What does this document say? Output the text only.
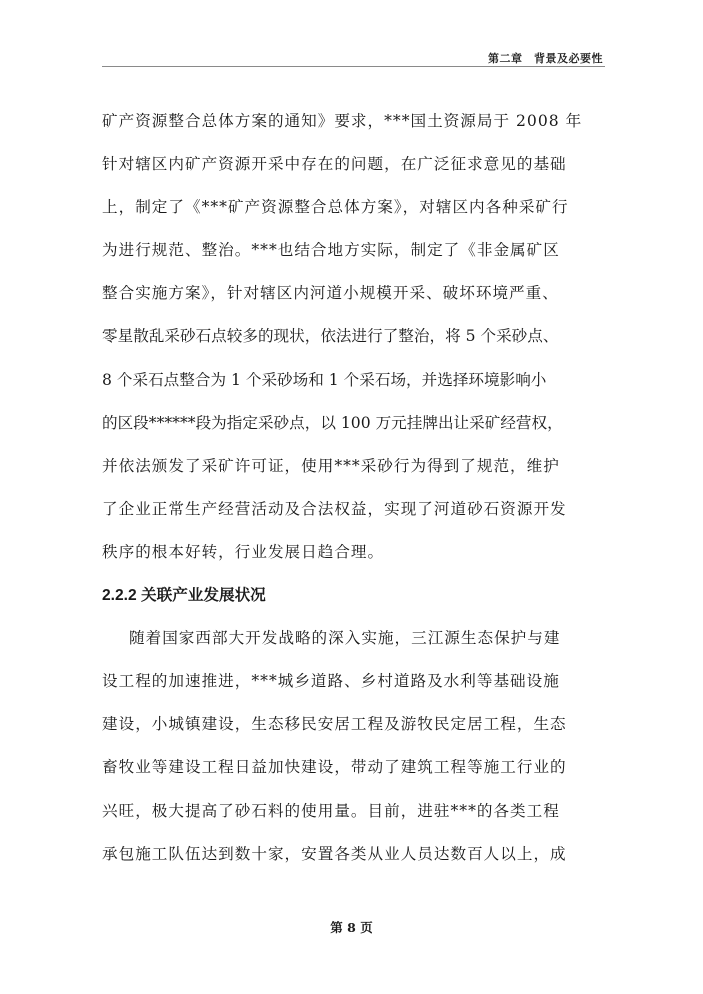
第二章　背景及必要性
矿产资源整合总体方案的通知》要求，***国土资源局于 2008 年
针对辖区内矿产资源开采中存在的问题，在广泛征求意见的基础
上，制定了《***矿产资源整合总体方案》，对辖区内各种采矿行
为进行规范、整治。***也结合地方实际，制定了《非金属矿区
整合实施方案》，针对辖区内河道小规模开采、破坏环境严重、
零星散乱采砂石点较多的现状，依法进行了整治，将 5 个采砂点、
8 个采石点整合为 1 个采砂场和 1 个采石场，并选择环境影响小
的区段******段为指定采砂点，以 100 万元挂牌出让采矿经营权，
并依法颁发了采矿许可证，使用***采砂行为得到了规范，维护
了企业正常生产经营活动及合法权益，实现了河道砂石资源开发
秩序的根本好转，行业发展日趋合理。
2.2.2 关联产业发展状况
随着国家西部大开发战略的深入实施，三江源生态保护与建
设工程的加速推进，***城乡道路、乡村道路及水利等基础设施
建设，小城镇建设，生态移民安居工程及游牧民定居工程，生态
畜牧业等建设工程日益加快建设，带动了建筑工程等施工行业的
兴旺，极大提高了砂石料的使用量。目前，进驻***的各类工程
承包施工队伍达到数十家，安置各类从业人员达数百人以上，成
第 8 页
